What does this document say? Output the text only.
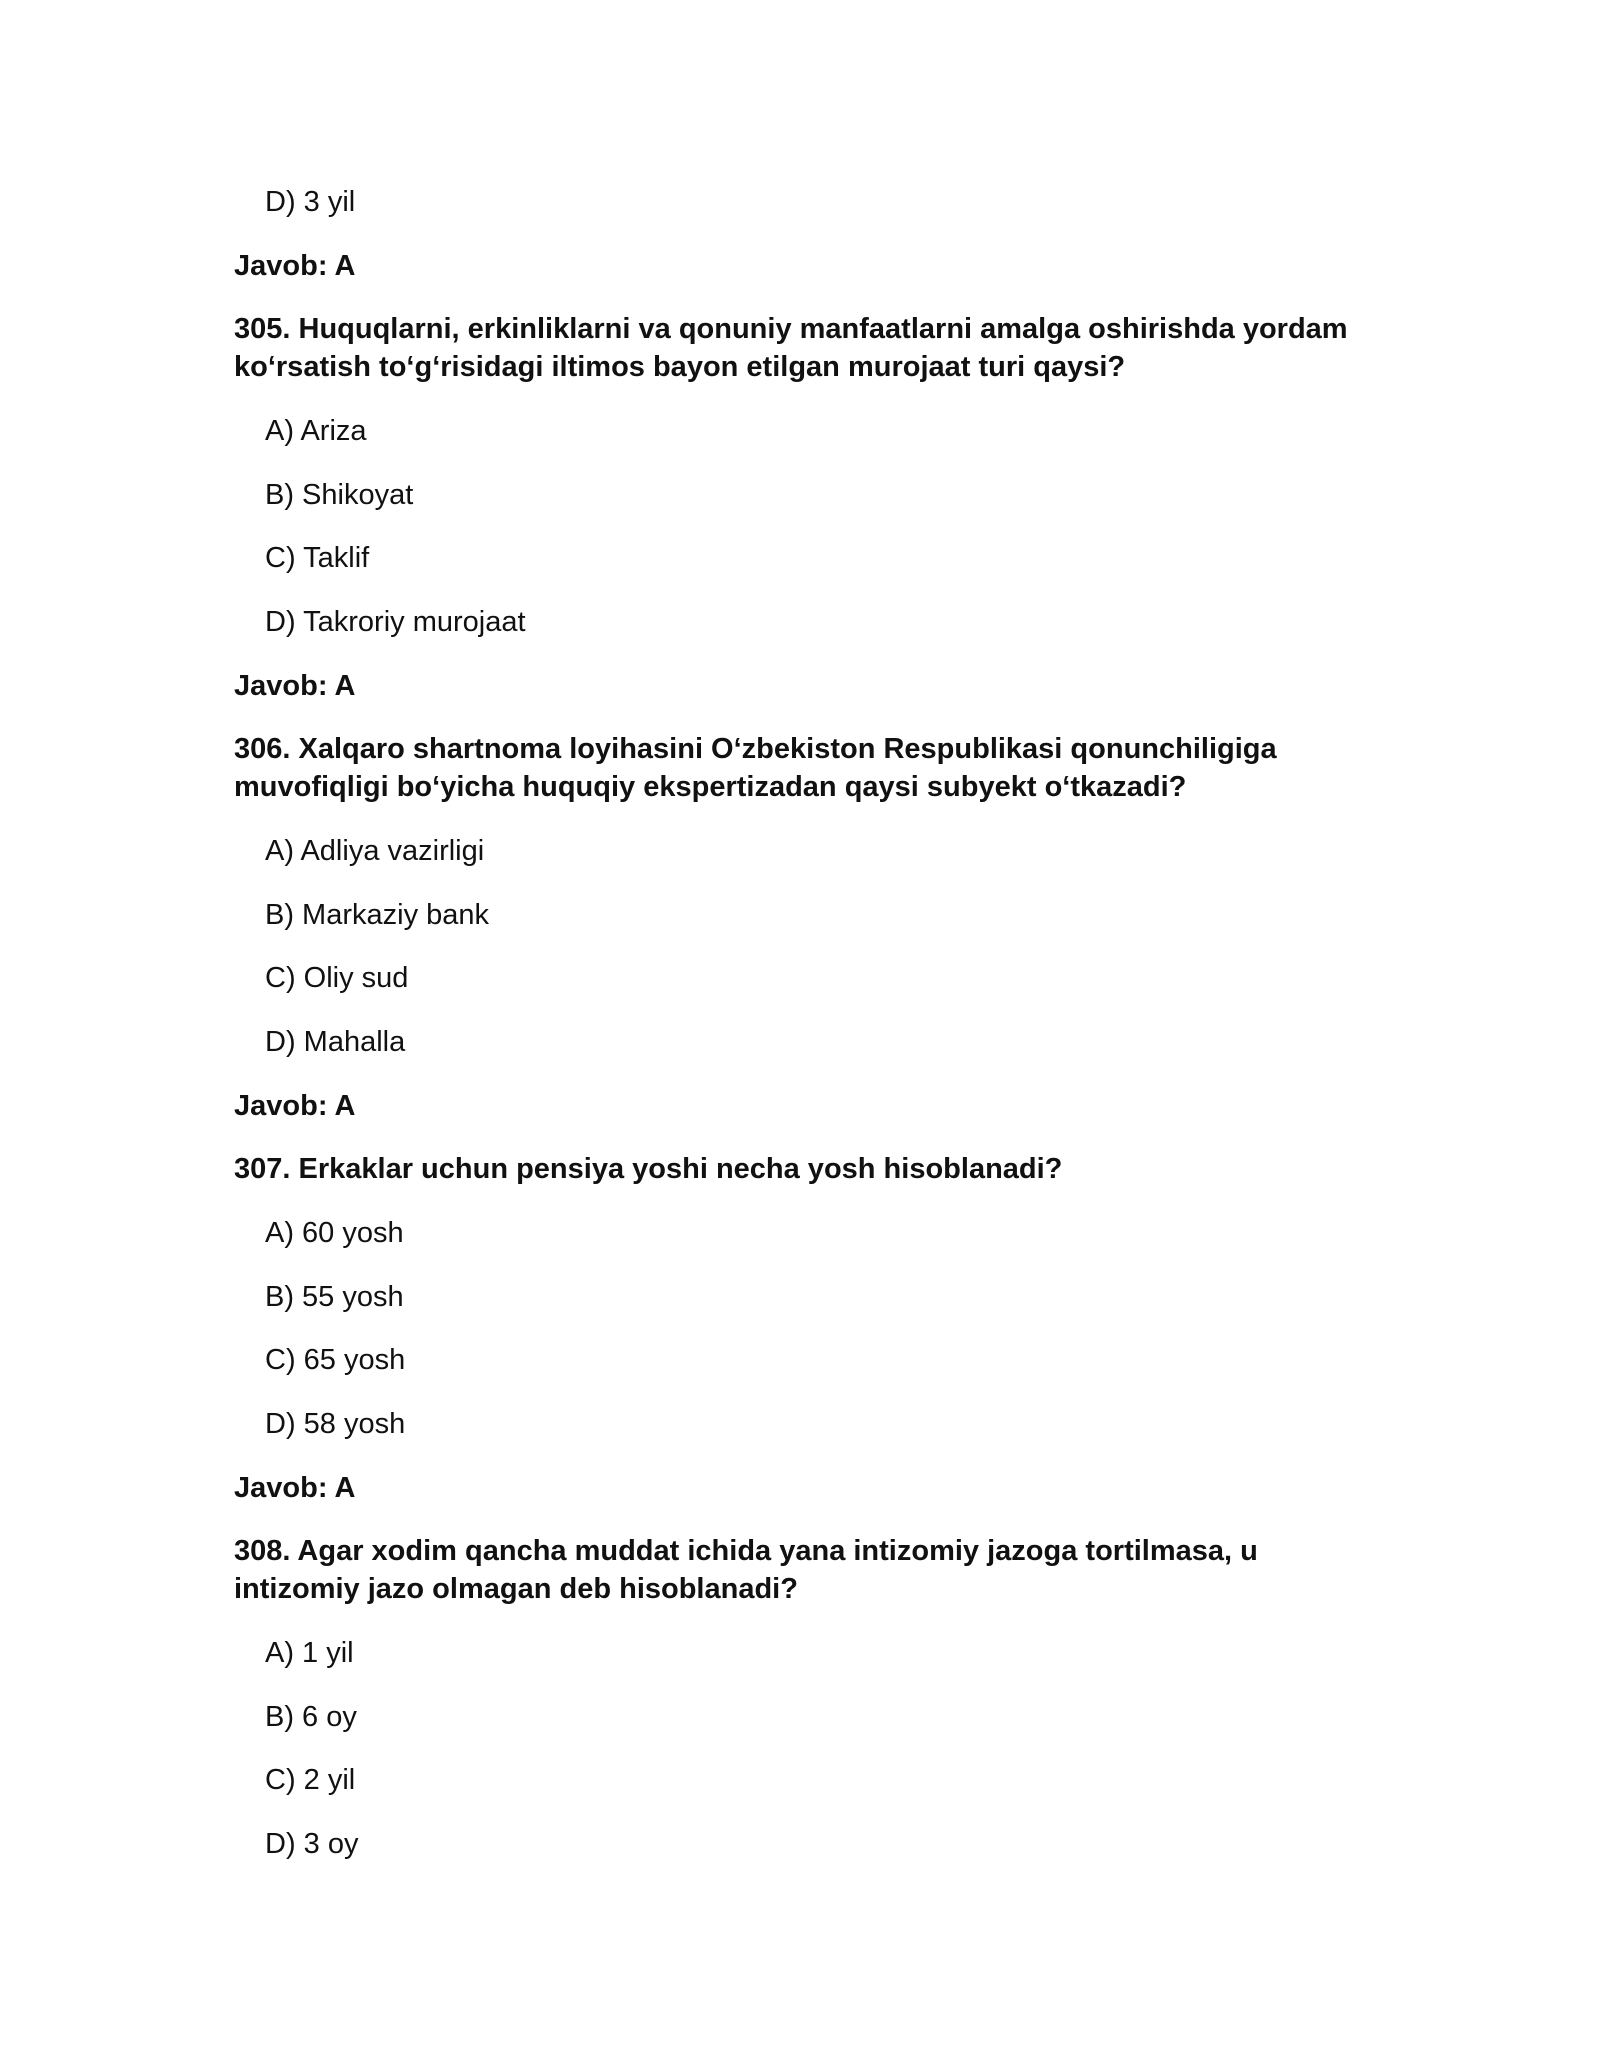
D) 3 yil
Javob: A
305. Huquqlarni, erkinliklarni va qonuniy manfaatlarni amalga oshirishda yordam
ko‘rsatish to‘g‘risidagi iltimos bayon etilgan murojaat turi qaysi?
A) Ariza
B) Shikoyat
C) Taklif
D) Takroriy murojaat
Javob: A
306. Xalqaro shartnoma loyihasini O‘zbekiston Respublikasi qonunchiligiga
muvofiqligi bo‘yicha huquqiy ekspertizadan qaysi subyekt o‘tkazadi?
A) Adliya vazirligi
B) Markaziy bank
C) Oliy sud
D) Mahalla
Javob: A
307. Erkaklar uchun pensiya yoshi necha yosh hisoblanadi?
A) 60 yosh
B) 55 yosh
C) 65 yosh
D) 58 yosh
Javob: A
308. Agar xodim qancha muddat ichida yana intizomiy jazoga tortilmasa, u
intizomiy jazo olmagan deb hisoblanadi?
A) 1 yil
B) 6 oy
C) 2 yil
D) 3 oy
